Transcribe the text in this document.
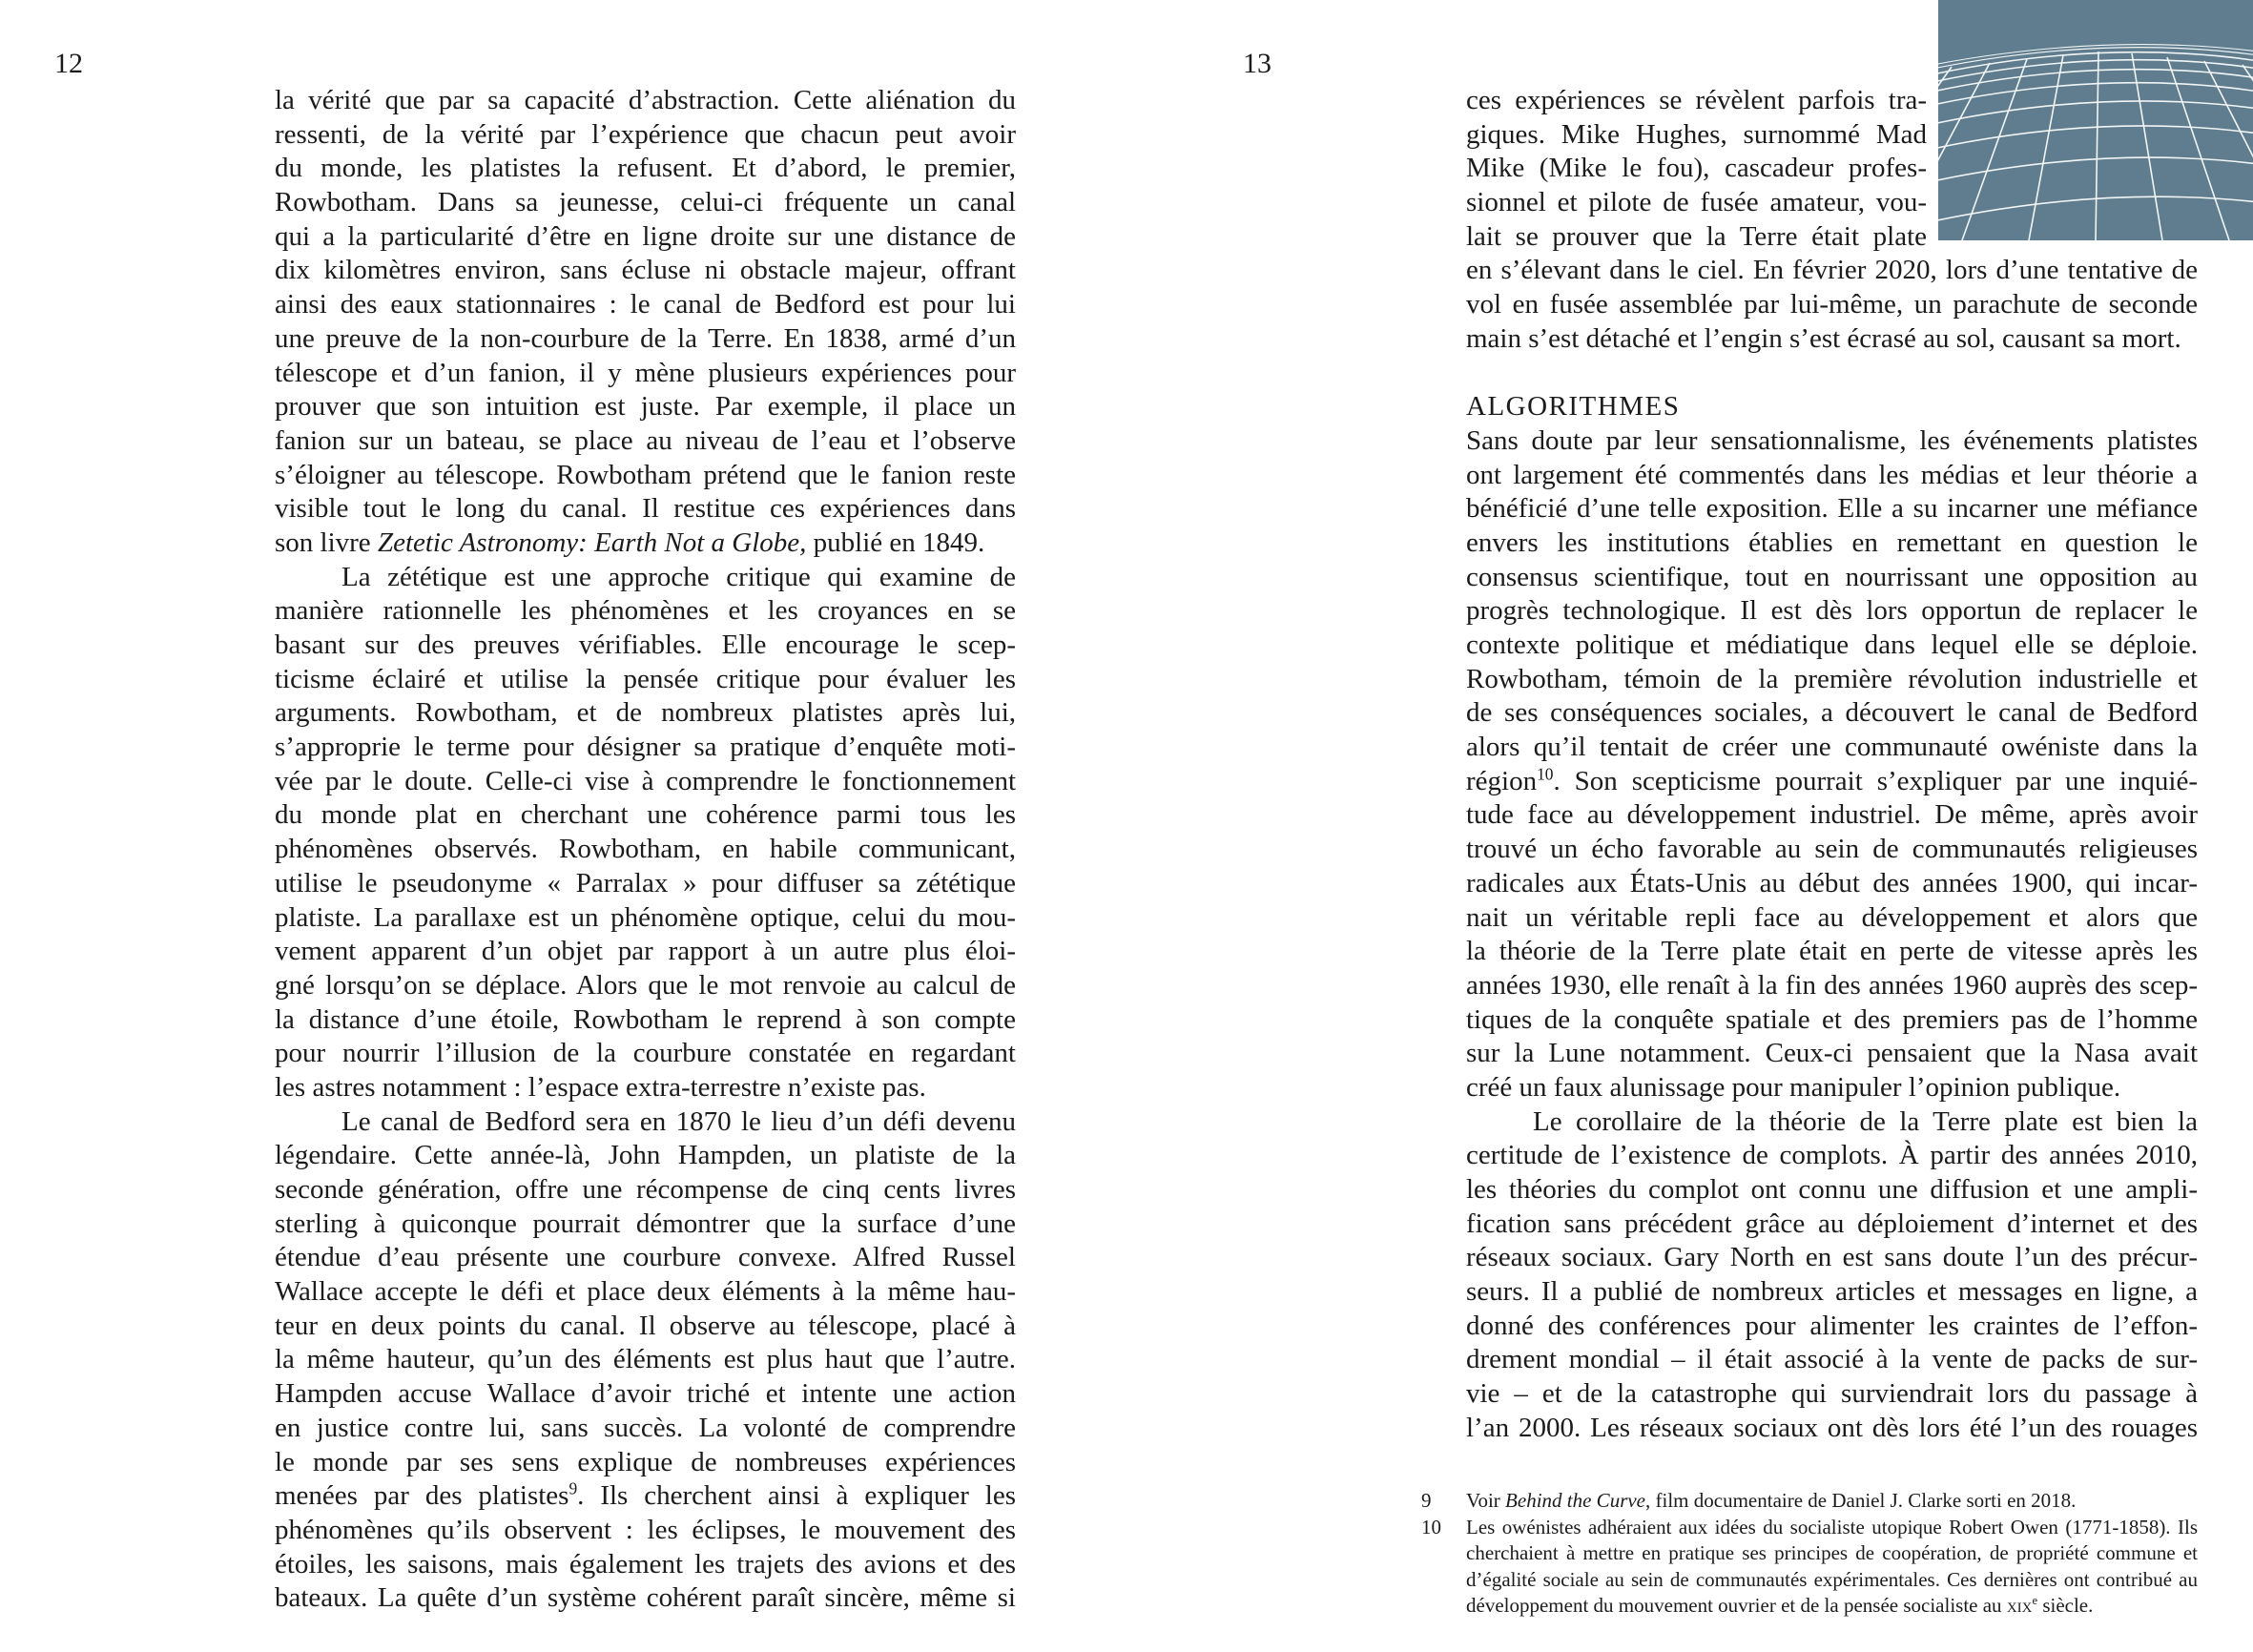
12
la vérité que par sa capacité d’abstraction. Cette aliénation du
ressenti, de la vérité par l’expérience que chacun peut avoir
du monde, les platistes la refusent. Et d’abord, le premier,
Rowbotham. Dans sa jeunesse, celui-ci fréquente un canal
qui a la particularité d’être en ligne droite sur une distance de
dix kilomètres environ, sans écluse ni obstacle majeur, offrant
ainsi des eaux stationnaires : le canal de Bedford est pour lui
une preuve de la non-courbure de la Terre. En 1838, armé d’un
télescope et d’un fanion, il y mène plusieurs expériences pour
prouver que son intuition est juste. Par exemple, il place un
fanion sur un bateau, se place au niveau de l’eau et l’observe
s’éloigner au télescope. Rowbotham prétend que le fanion reste
visible tout le long du canal. Il restitue ces expériences dans
son livre Zetetic Astronomy: Earth Not a Globe, publié en 1849.
La zététique est une approche critique qui examine de
manière rationnelle les phénomènes et les croyances en se
basant sur des preuves vérifiables. Elle encourage le scep-
ticisme éclairé et utilise la pensée critique pour évaluer les
arguments. Rowbotham, et de nombreux platistes après lui,
s’approprie le terme pour désigner sa pratique d’enquête moti-
vée par le doute. Celle-ci vise à comprendre le fonctionnement
du monde plat en cherchant une cohérence parmi tous les
phénomènes observés. Rowbotham, en habile communicant,
utilise le pseudonyme « Parralax » pour diffuser sa zététique
platiste. La parallaxe est un phénomène optique, celui du mou-
vement apparent d’un objet par rapport à un autre plus éloi-
gné lorsqu’on se déplace. Alors que le mot renvoie au calcul de
la distance d’une étoile, Rowbotham le reprend à son compte
pour nourrir l’illusion de la courbure constatée en regardant
les astres notamment : l’espace extra-terrestre n’existe pas.
Le canal de Bedford sera en 1870 le lieu d’un défi devenu
légendaire. Cette année-là, John Hampden, un platiste de la
seconde génération, offre une récompense de cinq cents livres
sterling à quiconque pourrait démontrer que la surface d’une
étendue d’eau présente une courbure convexe. Alfred Russel
Wallace accepte le défi et place deux éléments à la même hau-
teur en deux points du canal. Il observe au télescope, placé à
la même hauteur, qu’un des éléments est plus haut que l’autre.
Hampden accuse Wallace d’avoir triché et intente une action
en justice contre lui, sans succès. La volonté de comprendre
le monde par ses sens explique de nombreuses expériences
menées par des platistes$^9$. Ils cherchent ainsi à expliquer les
phénomènes qu’ils observent : les éclipses, le mouvement des
étoiles, les saisons, mais également les trajets des avions et des
bateaux. La quête d’un système cohérent paraît sincère, même si
13
ces expériences se révèlent parfois tra-
giques. Mike Hughes, surnommé Mad
Mike (Mike le fou), cascadeur profes-
sionnel et pilote de fusée amateur, vou-
lait se prouver que la Terre était plate
en s’élevant dans le ciel. En février 2020, lors d’une tentative de
vol en fusée assemblée par lui-même, un parachute de seconde
main s’est détaché et l’engin s’est écrasé au sol, causant sa mort.

ALGORITHMES
Sans doute par leur sensationnalisme, les événements platistes
ont largement été commentés dans les médias et leur théorie a
bénéficié d’une telle exposition. Elle a su incarner une méfiance
envers les institutions établies en remettant en question le
consensus scientifique, tout en nourrissant une opposition au
progrès technologique. Il est dès lors opportun de replacer le
contexte politique et médiatique dans lequel elle se déploie.
Rowbotham, témoin de la première révolution industrielle et
de ses conséquences sociales, a découvert le canal de Bedford
alors qu’il tentait de créer une communauté owéniste dans la
région$^{10}$. Son scepticisme pourrait s’expliquer par une inquié-
tude face au développement industriel. De même, après avoir
trouvé un écho favorable au sein de communautés religieuses
radicales aux États-Unis au début des années 1900, qui incar-
nait un véritable repli face au développement et alors que
la théorie de la Terre plate était en perte de vitesse après les
années 1930, elle renaît à la fin des années 1960 auprès des scep-
tiques de la conquête spatiale et des premiers pas de l’homme
sur la Lune notamment. Ceux-ci pensaient que la Nasa avait
créé un faux alunissage pour manipuler l’opinion publique.
Le corollaire de la théorie de la Terre plate est bien la
certitude de l’existence de complots. À partir des années 2010,
les théories du complot ont connu une diffusion et une ampli-
fication sans précédent grâce au déploiement d’internet et des
réseaux sociaux. Gary North en est sans doute l’un des précur-
seurs. Il a publié de nombreux articles et messages en ligne, a
donné des conférences pour alimenter les craintes de l’effon-
drement mondial – il était associé à la vente de packs de sur-
vie – et de la catastrophe qui surviendrait lors du passage à
l’an 2000. Les réseaux sociaux ont dès lors été l’un des rouages
9	Voir Behind the Curve, film documentaire de Daniel J. Clarke sorti en 2018.
10	Les owénistes adhéraient aux idées du socialiste utopique Robert Owen (1771-1858). Ils
cherchaient à mettre en pratique ses principes de coopération, de propriété commune et
d’égalité sociale au sein de communautés expérimentales. Ces dernières ont contribué au
développement du mouvement ouvrier et de la pensée socialiste au xix$^e$ siècle.
